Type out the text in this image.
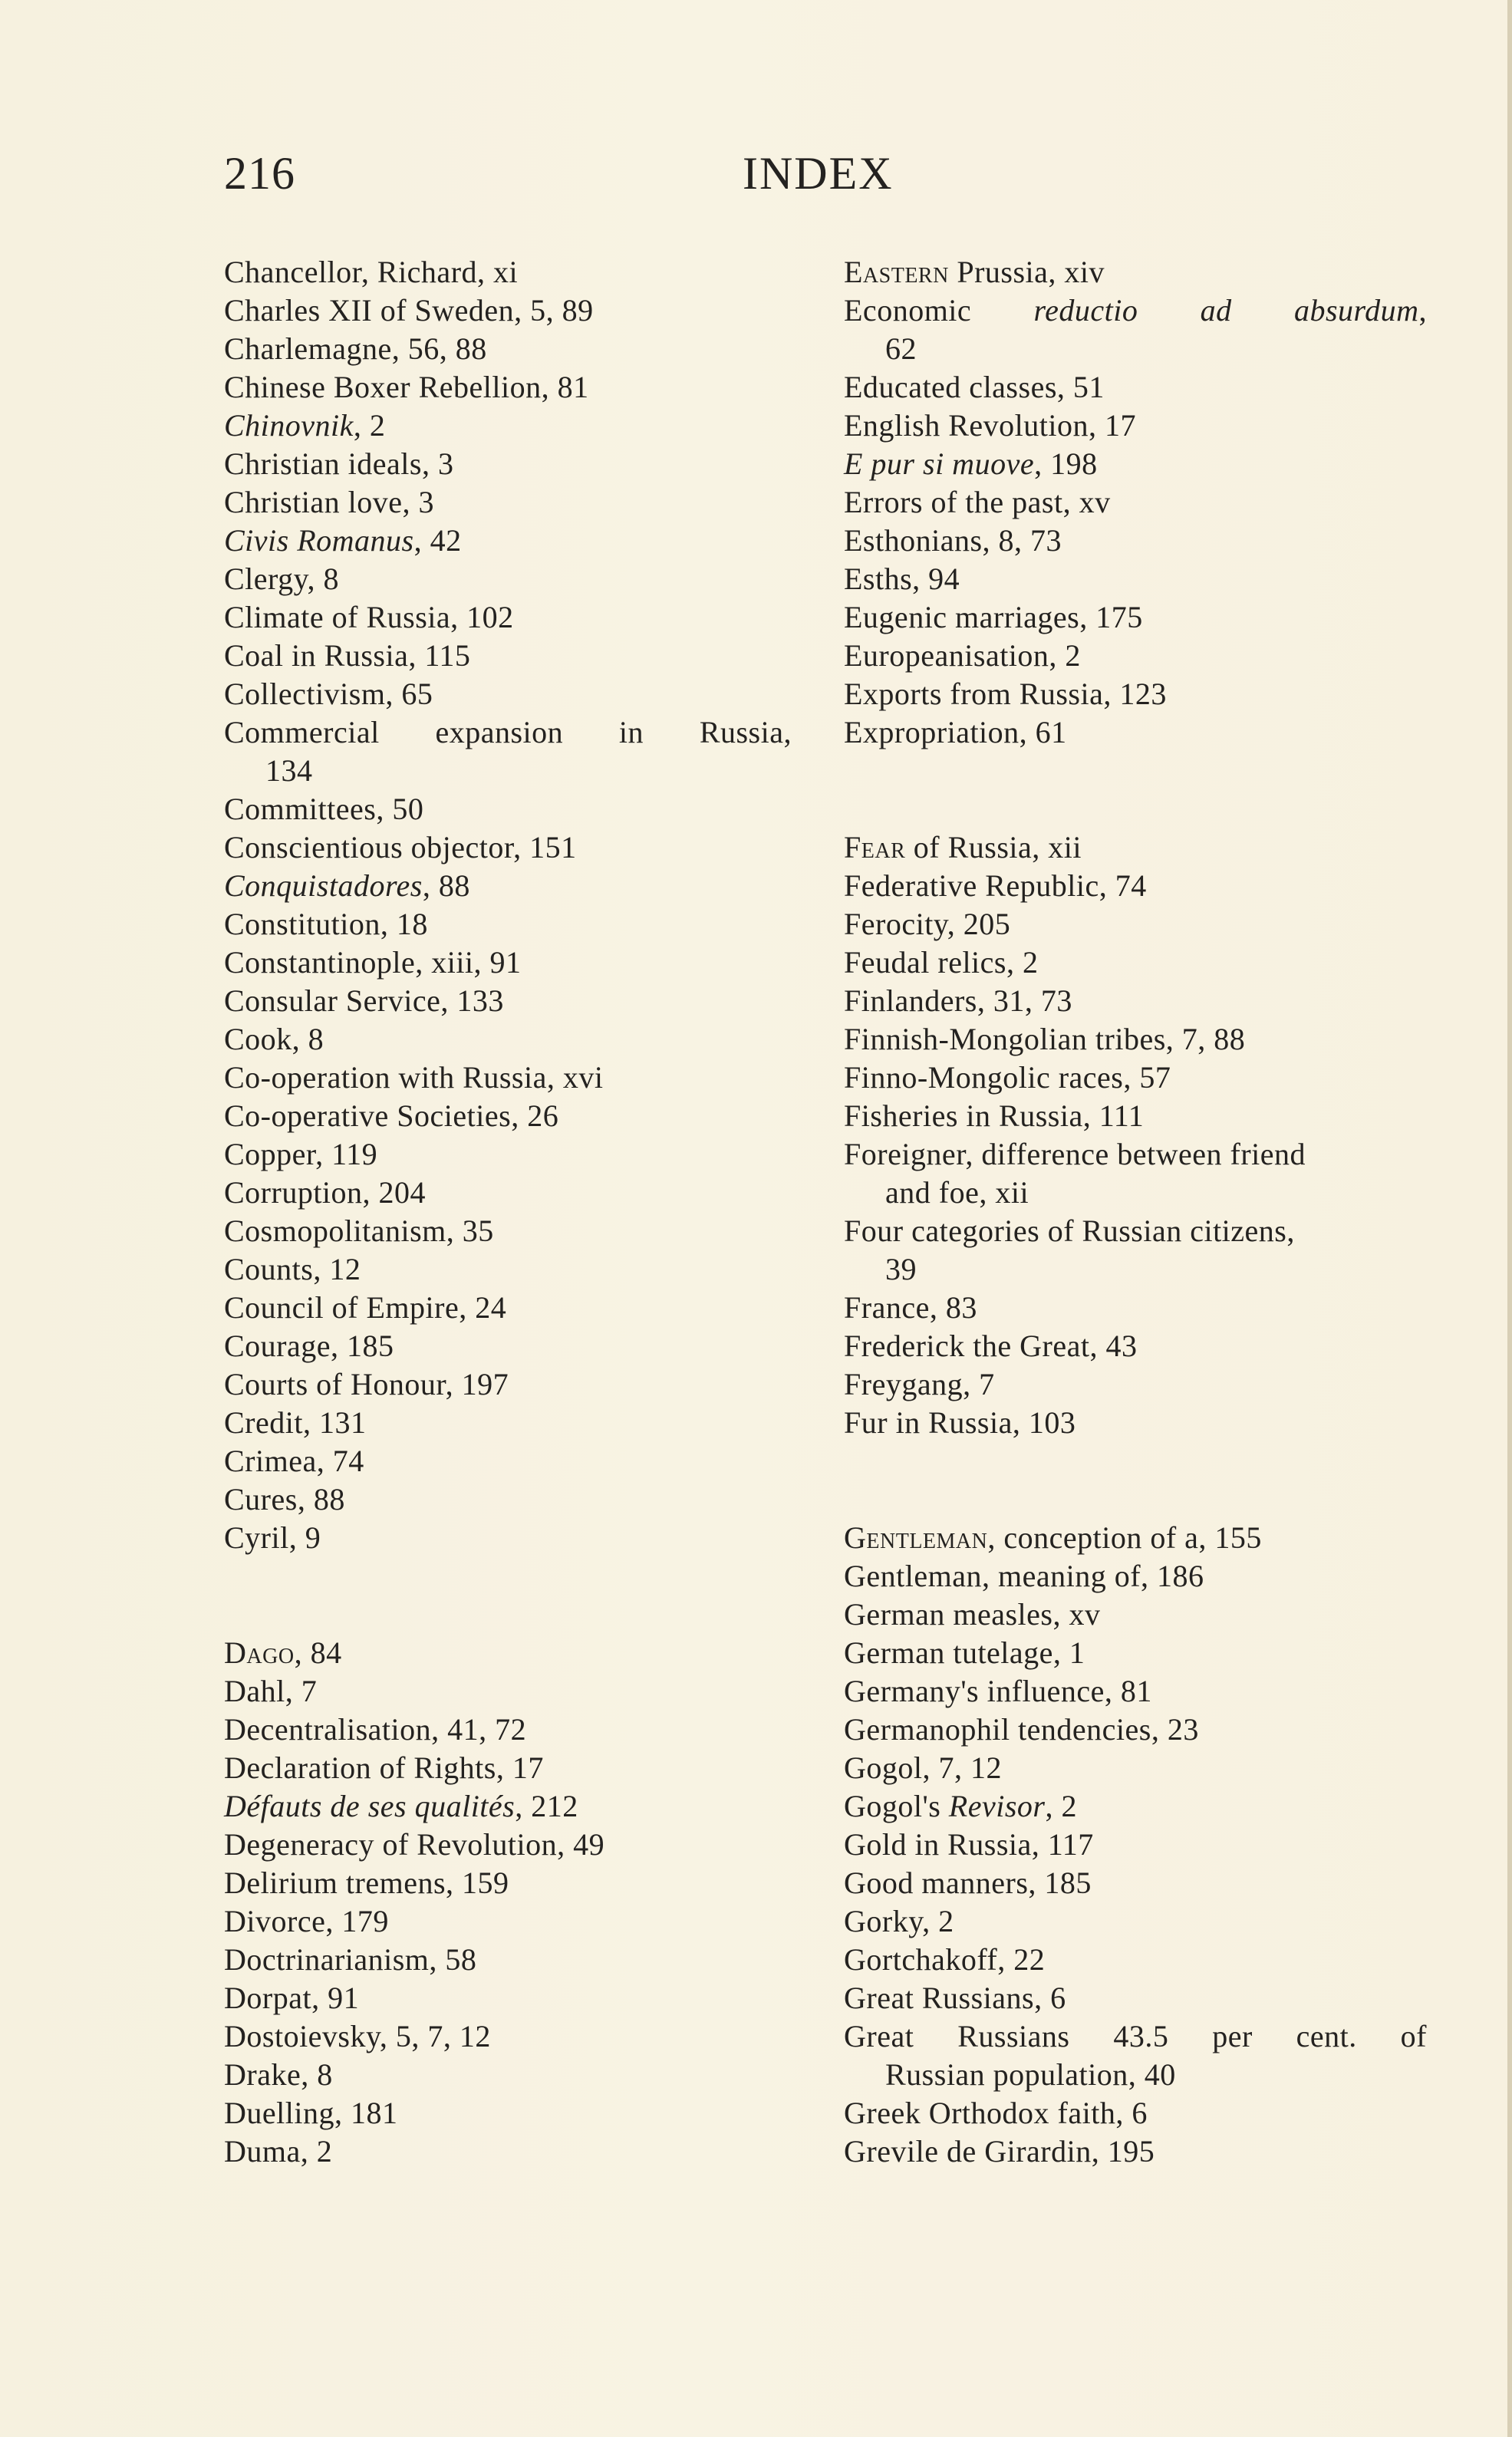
216	INDEX
Chancellor, Richard, xi
Charles XII of Sweden, 5, 89
Charlemagne, 56, 88
Chinese Boxer Rebellion, 81
Chinovnik, 2
Christian ideals, 3
Christian love, 3
Civis Romanus, 42
Clergy, 8
Climate of Russia, 102
Coal in Russia, 115
Collectivism, 65
Commercial expansion in Russia,
134
Committees, 50
Conscientious objector, 151
Conquistadores, 88
Constitution, 18
Constantinople, xiii, 91
Consular Service, 133
Cook, 8
Co-operation with Russia, xvi
Co-operative Societies, 26
Copper, 119
Corruption, 204
Cosmopolitanism, 35
Counts, 12
Council of Empire, 24
Courage, 185
Courts of Honour, 197
Credit, 131
Crimea, 74
Cures, 88
Cyril, 9
Dago, 84
Dahl, 7
Decentralisation, 41, 72
Declaration of Rights, 17
Défauts de ses qualités, 212
Degeneracy of Revolution, 49
Delirium tremens, 159
Divorce, 179
Doctrinarianism, 58
Dorpat, 91
Dostoievsky, 5, 7, 12
Drake, 8
Duelling, 181
Duma, 2
Eastern Prussia, xiv
Economic reductio ad absurdum,
62
Educated classes, 51
English Revolution, 17
E pur si muove, 198
Errors of the past, xv
Esthonians, 8, 73
Esths, 94
Eugenic marriages, 175
Europeanisation, 2
Exports from Russia, 123
Expropriation, 61
Fear of Russia, xii
Federative Republic, 74
Ferocity, 205
Feudal relics, 2
Finlanders, 31, 73
Finnish-Mongolian tribes, 7, 88
Finno-Mongolic races, 57
Fisheries in Russia, 111
Foreigner, difference between friend
and foe, xii
Four categories of Russian citizens,
39
France, 83
Frederick the Great, 43
Freygang, 7
Fur in Russia, 103
Gentleman, conception of a, 155
Gentleman, meaning of, 186
German measles, xv
German tutelage, 1
Germany's influence, 81
Germanophil tendencies, 23
Gogol, 7, 12
Gogol's Revisor, 2
Gold in Russia, 117
Good manners, 185
Gorky, 2
Gortchakoff, 22
Great Russians, 6
Great Russians 43.5 per cent. of
Russian population, 40
Greek Orthodox faith, 6
Grevile de Girardin, 195
